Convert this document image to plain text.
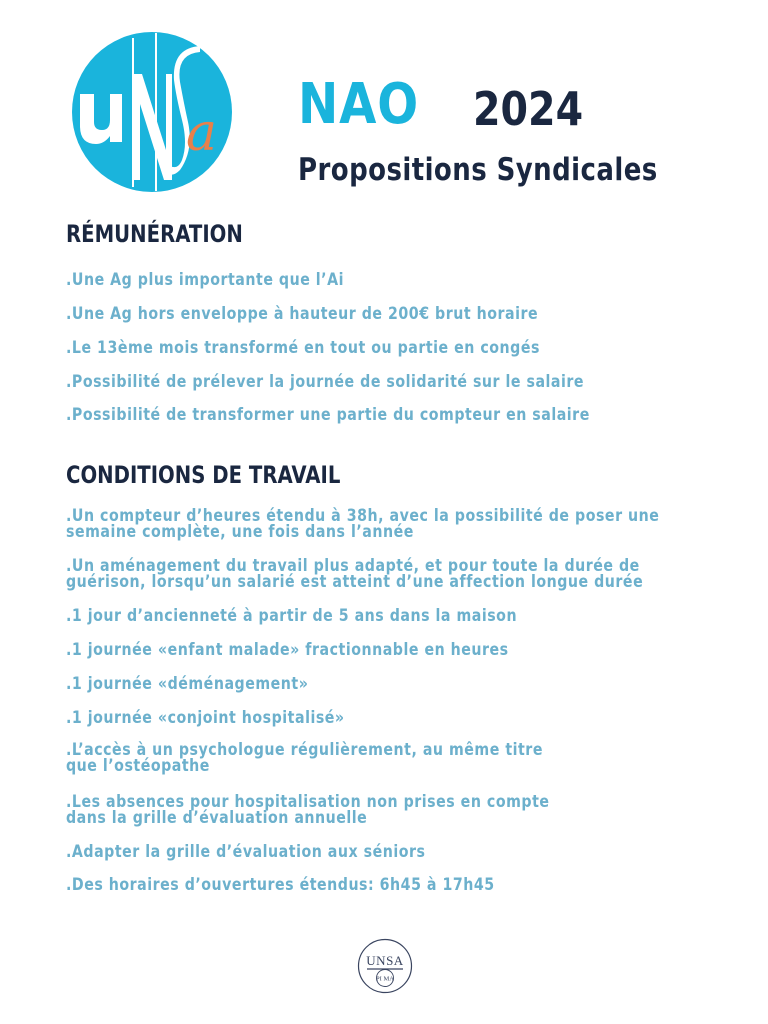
a NAO 2024
Propositions Syndicales
RÉMUNÉRATION
.Une Ag plus importante que l’Ai
.Une Ag hors enveloppe à hauteur de 200€ brut horaire
.Le 13ème mois transformé en tout ou partie en congés
.Possibilité de prélever la journée de solidarité sur le salaire
.Possibilité de transformer une partie du compteur en salaire
CONDITIONS DE TRAVAIL
.Un compteur d’heures étendu à 38h, avec la possibilité de poser une
semaine complète, une fois dans l’année
.Un aménagement du travail plus adapté, et pour toute la durée de
guérison, lorsqu’un salarié est atteint d’une affection longue durée
.1 jour d’ancienneté à partir de 5 ans dans la maison
.1 journée «enfant malade» fractionnable en heures
.1 journée «déménagement»
.1 journée «conjoint hospitalisé»
.L’accès à un psychologue régulièrement, au même titre
que l’ostéopathe
.Les absences pour hospitalisation non prises en compte
dans la grille d’évaluation annuelle
.Adapter la grille d’évaluation aux séniors
.Des horaires d’ouvertures étendus: 6h45 à 17h45
UNSA
PI MA
